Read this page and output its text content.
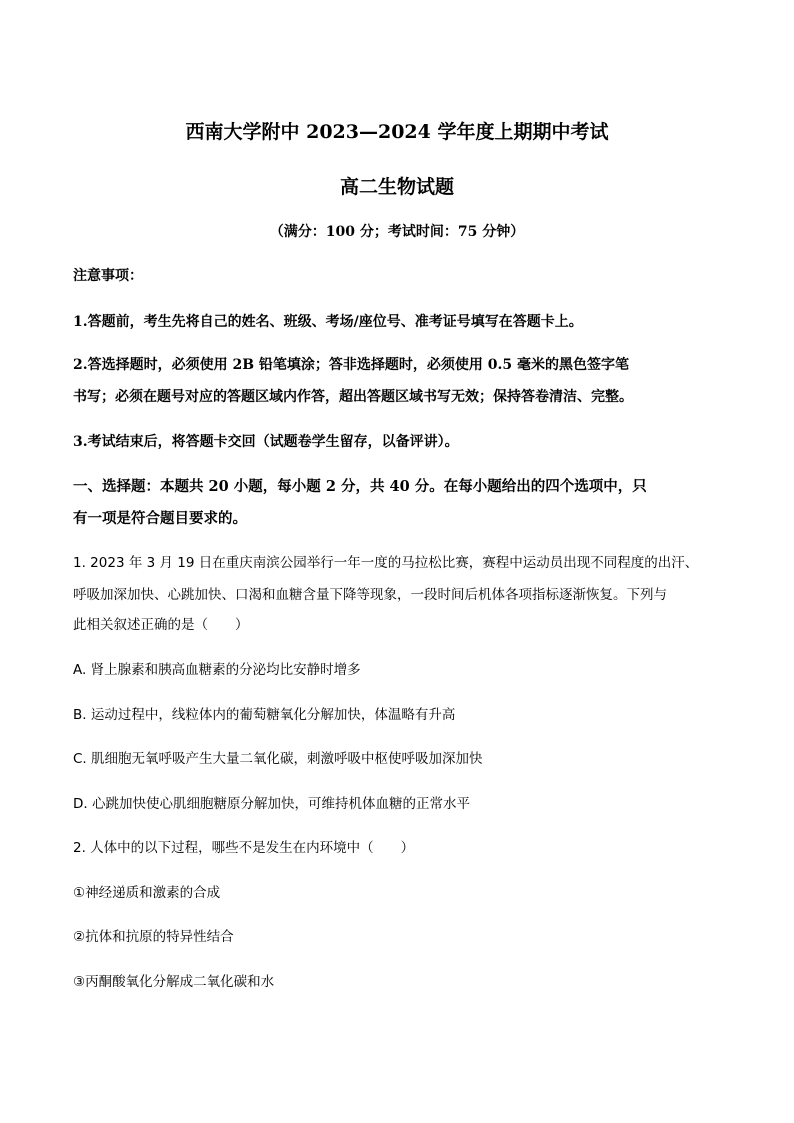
西南大学附中 2023—2024 学年度上期期中考试
高二生物试题
（满分：100 分；考试时间：75 分钟）
注意事项：
1.答题前，考生先将自己的姓名、班级、考场/座位号、准考证号填写在答题卡上。
2.答选择题时，必须使用 2B 铅笔填涂；答非选择题时，必须使用 0.5 毫米的黑色签字笔
书写；必须在题号对应的答题区域内作答，超出答题区域书写无效；保持答卷清洁、完整。
3.考试结束后，将答题卡交回（试题卷学生留存，以备评讲）。
一、选择题：本题共 20 小题，每小题 2 分，共 40 分。在每小题给出的四个选项中，只
有一项是符合题目要求的。
1. 2023 年 3 月 19 日在重庆南滨公园举行一年一度的马拉松比赛，赛程中运动员出现不同程度的出汗、
呼吸加深加快、心跳加快、口渴和血糖含量下降等现象，一段时间后机体各项指标逐渐恢复。下列与
此相关叙述正确的是（　　）
A. 肾上腺素和胰高血糖素的分泌均比安静时增多
B. 运动过程中，线粒体内的葡萄糖氧化分解加快，体温略有升高
C. 肌细胞无氧呼吸产生大量二氧化碳，刺激呼吸中枢使呼吸加深加快
D. 心跳加快使心肌细胞糖原分解加快，可维持机体血糖的正常水平
2. 人体中的以下过程，哪些不是发生在内环境中（　　）
①神经递质和激素的合成
②抗体和抗原的特异性结合
③丙酮酸氧化分解成二氧化碳和水
